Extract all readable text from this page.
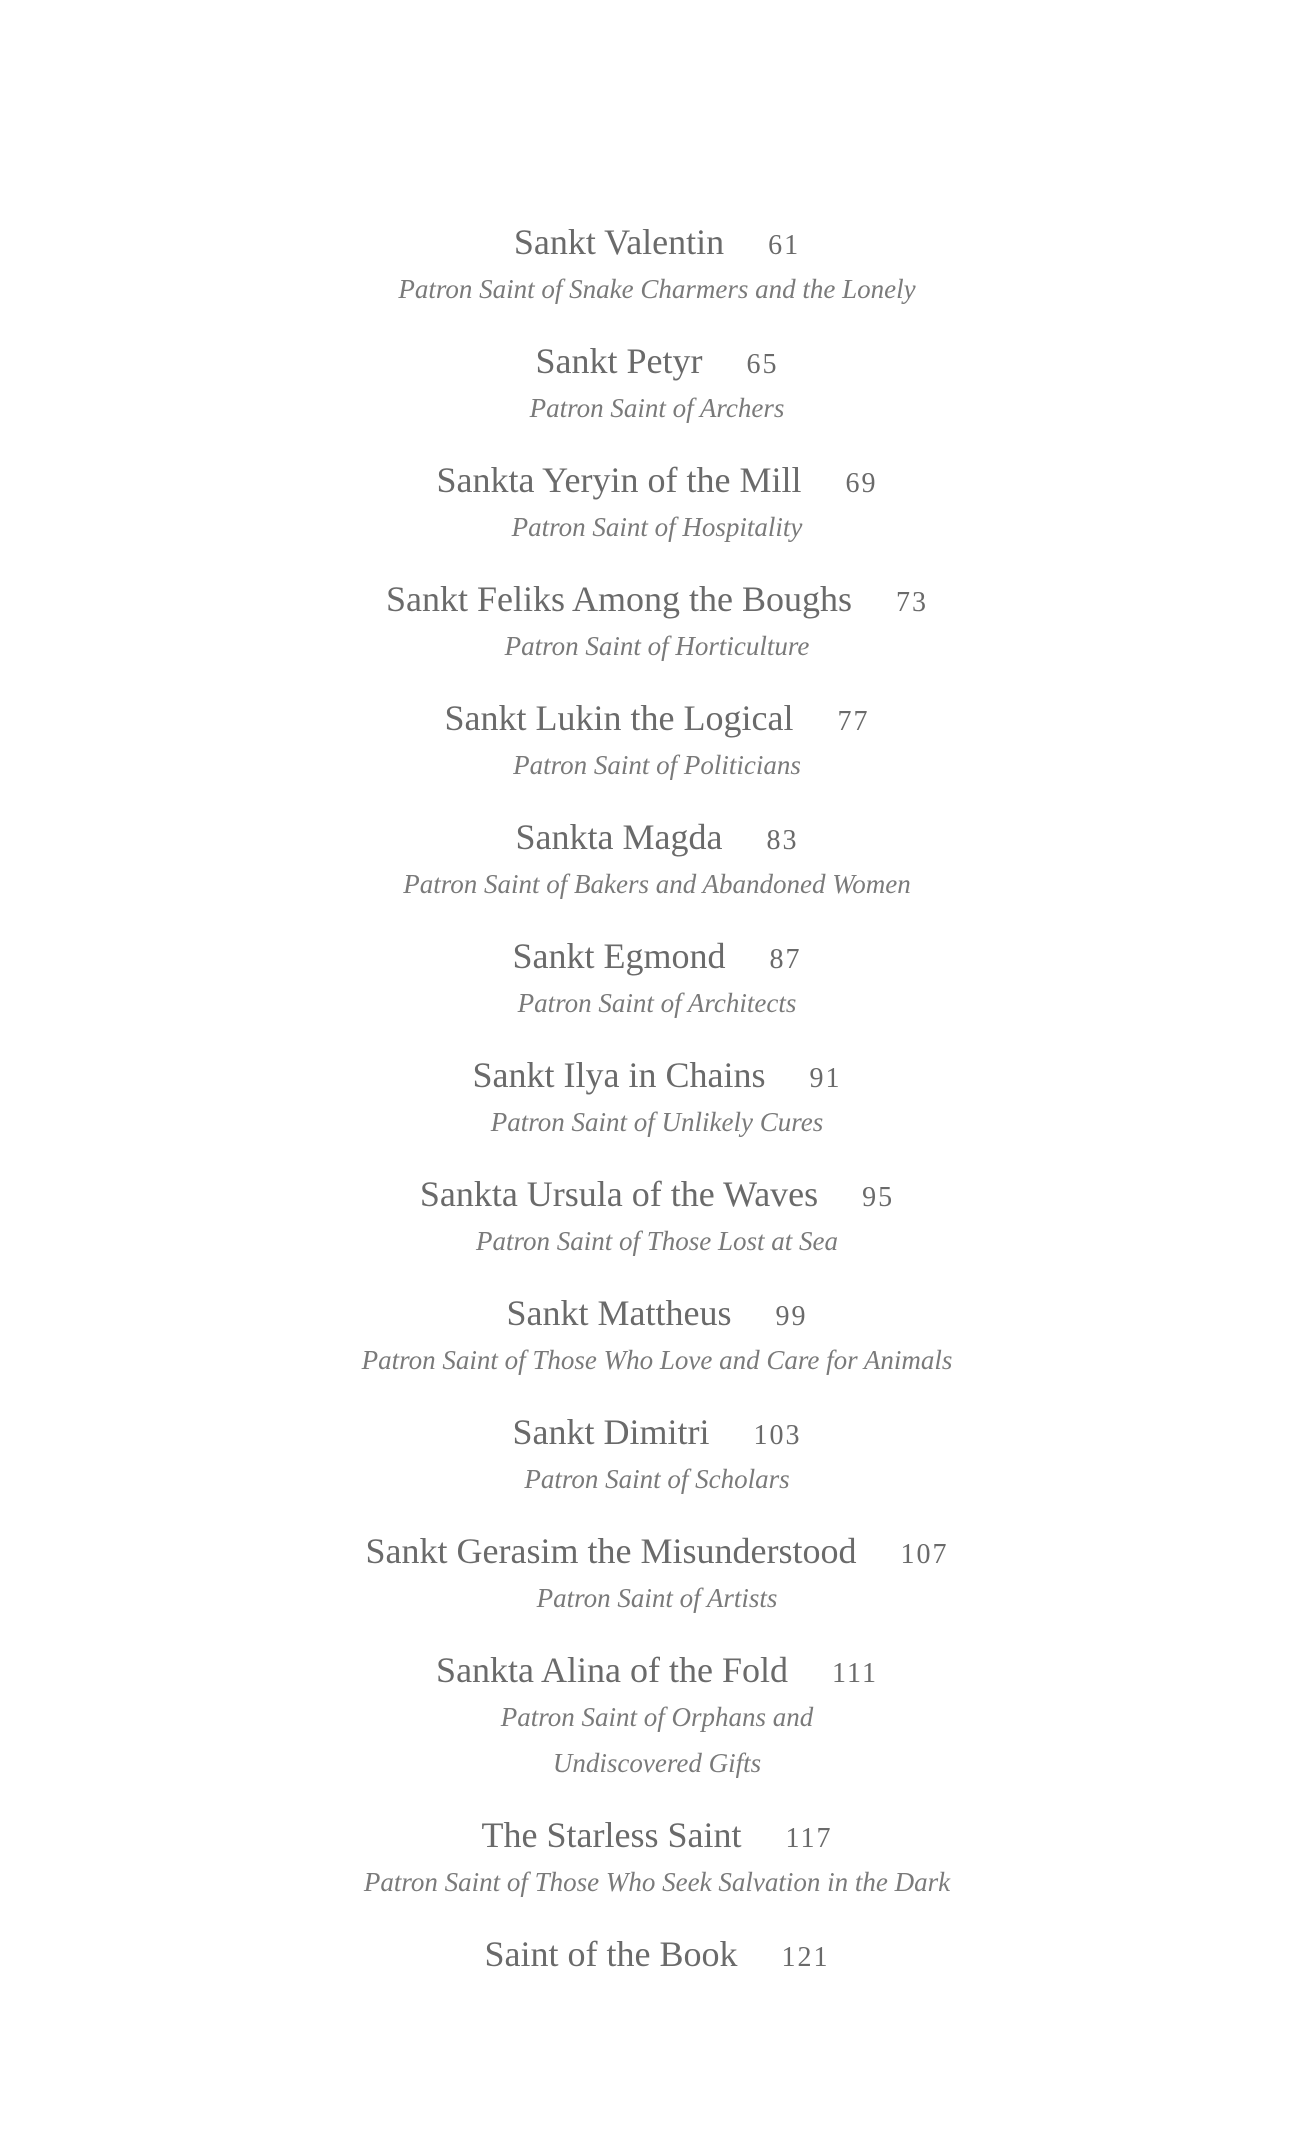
Sankt Valentin 61
Patron Saint of Snake Charmers and the Lonely
Sankt Petyr 65
Patron Saint of Archers
Sankta Yeryin of the Mill 69
Patron Saint of Hospitality
Sankt Feliks Among the Boughs 73
Patron Saint of Horticulture
Sankt Lukin the Logical 77
Patron Saint of Politicians
Sankta Magda 83
Patron Saint of Bakers and Abandoned Women
Sankt Egmond 87
Patron Saint of Architects
Sankt Ilya in Chains 91
Patron Saint of Unlikely Cures
Sankta Ursula of the Waves 95
Patron Saint of Those Lost at Sea
Sankt Mattheus 99
Patron Saint of Those Who Love and Care for Animals
Sankt Dimitri 103
Patron Saint of Scholars
Sankt Gerasim the Misunderstood 107
Patron Saint of Artists
Sankta Alina of the Fold 111
Patron Saint of Orphans and
Undiscovered Gifts
The Starless Saint 117
Patron Saint of Those Who Seek Salvation in the Dark
Saint of the Book 121
